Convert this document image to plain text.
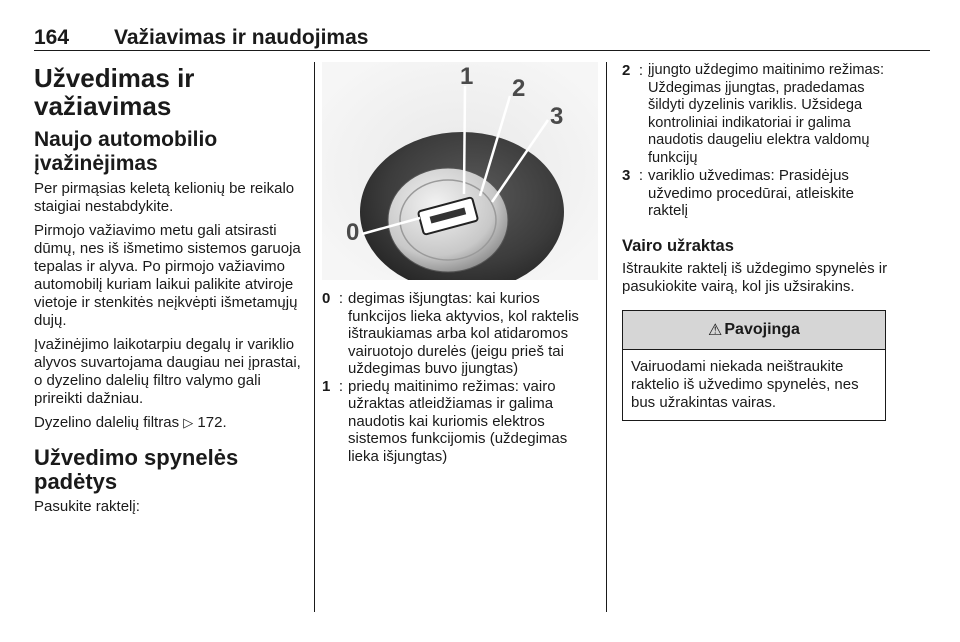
164 Važiavimas ir naudojimas
Užvedimas ir važiavimas
Naujo automobilio įvažinėjimas

Per pirmąsias keletą kelionių be reikalo staigiai nestabdykite.

Pirmojo važiavimo metu gali atsirasti dūmų, nes iš išmetimo sistemos garuoja tepalas ir alyva. Po pirmojo važiavimo automobilį kuriam laikui palikite atviroje vietoje ir stenkitės neįkvėpti išmetamųjų dujų.

Įvažinėjimo laikotarpiu degalų ir variklio alyvos suvartojama daugiau nei įprastai, o dyzelino dalelių filtro valymo gali prireikti dažniau.

Dyzelino dalelių filtras ▷ 172.

Užvedimo spynelės padėtys

Pasukite raktelį:

1 2
3
0
0 : degimas išjungtas: kai kurios funkcijos lieka aktyvios, kol raktelis ištraukiamas arba kol atidaromos vairuotojo durelės (jeigu prieš tai uždegimas buvo įjungtas)
1 : priedų maitinimo režimas: vairo užraktas atleidžiamas ir galima naudotis kai kuriomis elektros sistemos funkcijomis (uždegimas lieka išjungtas)
2 : įjungto uždegimo maitinimo režimas: Uždegimas įjungtas, pradedamas šildyti dyzelinis variklis. Užsidega kontroliniai indikatoriai ir galima naudotis daugeliu elektra valdomų funkcijų
3 : variklio užvedimas: Prasidėjus užvedimo procedūrai, atleiskite raktelį
Vairo užraktas

Ištraukite raktelį iš uždegimo spynelės ir pasukiokite vairą, kol jis užsirakins.

⚠ Pavojinga
Vairuodami niekada neištraukite raktelio iš užvedimo spynelės, nes bus užrakintas vairas.
